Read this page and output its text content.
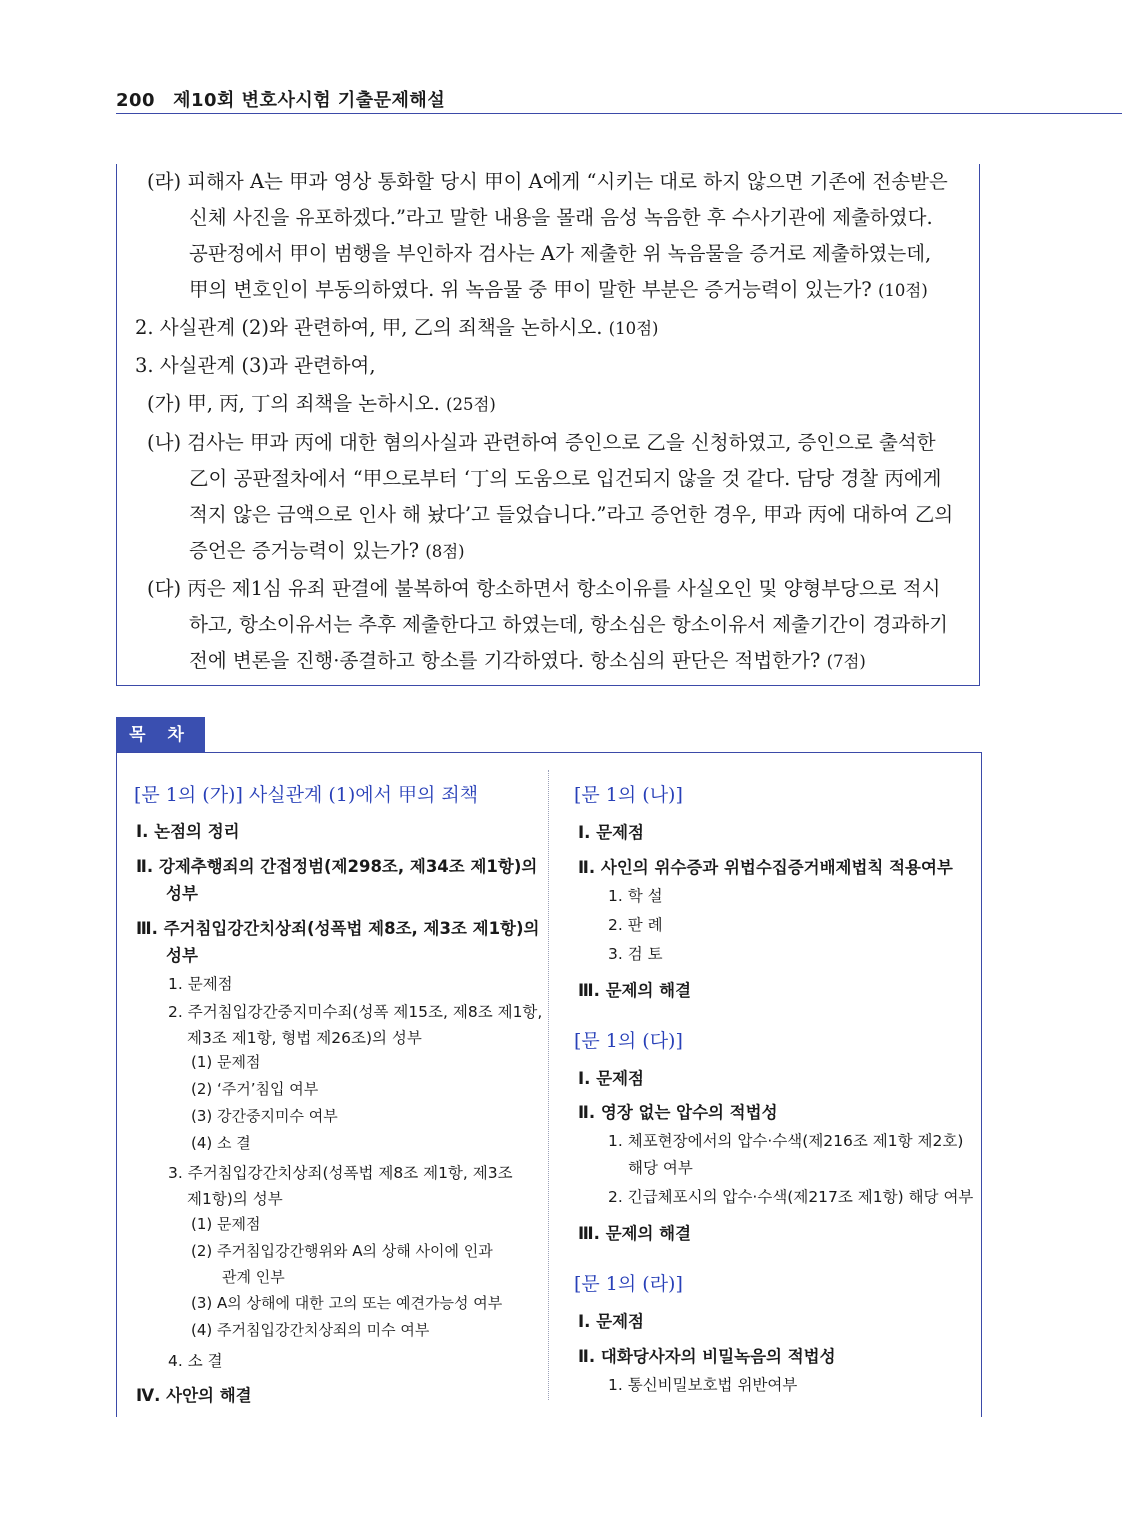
200 제10회 변호사시험 기출문제해설
(라) 피해자 A는 甲과 영상 통화할 당시 甲이 A에게 “시키는 대로 하지 않으면 기존에 전송받은
신체 사진을 유포하겠다.”라고 말한 내용을 몰래 음성 녹음한 후 수사기관에 제출하였다.
공판정에서 甲이 범행을 부인하자 검사는 A가 제출한 위 녹음물을 증거로 제출하였는데,
甲의 변호인이 부동의하였다. 위 녹음물 중 甲이 말한 부분은 증거능력이 있는가? (10점)
2. 사실관계 (2)와 관련하여, 甲, 乙의 죄책을 논하시오. (10점)
3. 사실관계 (3)과 관련하여,
(가) 甲, 丙, 丁의 죄책을 논하시오. (25점)
(나) 검사는 甲과 丙에 대한 혐의사실과 관련하여 증인으로 乙을 신청하였고, 증인으로 출석한
乙이 공판절차에서 “甲으로부터 ‘丁의 도움으로 입건되지 않을 것 같다. 담당 경찰 丙에게
적지 않은 금액으로 인사 해 놨다’고 들었습니다.”라고 증언한 경우, 甲과 丙에 대하여 乙의
증언은 증거능력이 있는가? (8점)
(다) 丙은 제1심 유죄 판결에 불복하여 항소하면서 항소이유를 사실오인 및 양형부당으로 적시
하고, 항소이유서는 추후 제출한다고 하였는데, 항소심은 항소이유서 제출기간이 경과하기
전에 변론을 진행·종결하고 항소를 기각하였다. 항소심의 판단은 적법한가? (7점)
목 차
[문 1의 (가)] 사실관계 (1)에서 甲의 죄책
Ⅰ. 논점의 정리
Ⅱ. 강제추행죄의 간접정범(제298조, 제34조 제1항)의
성부
Ⅲ. 주거침입강간치상죄(성폭법 제8조, 제3조 제1항)의
성부
1. 문제점
2. 주거침입강간중지미수죄(성폭 제15조, 제8조 제1항,
제3조 제1항, 형법 제26조)의 성부
(1) 문제점
(2) ‘주거’침입 여부
(3) 강간중지미수 여부
(4) 소 결
3. 주거침입강간치상죄(성폭법 제8조 제1항, 제3조
제1항)의 성부
(1) 문제점
(2) 주거침입강간행위와 A의 상해 사이에 인과
관계 인부
(3) A의 상해에 대한 고의 또는 예견가능성 여부
(4) 주거침입강간치상죄의 미수 여부
4. 소 결
Ⅳ. 사안의 해결
[문 1의 (나)]
Ⅰ. 문제점
Ⅱ. 사인의 위수증과 위법수집증거배제법칙 적용여부
1. 학 설
2. 판 례
3. 검 토
Ⅲ. 문제의 해결
[문 1의 (다)]
Ⅰ. 문제점
Ⅱ. 영장 없는 압수의 적법성
1. 체포현장에서의 압수·수색(제216조 제1항 제2호)
해당 여부
2. 긴급체포시의 압수·수색(제217조 제1항) 해당 여부
Ⅲ. 문제의 해결
[문 1의 (라)]
Ⅰ. 문제점
Ⅱ. 대화당사자의 비밀녹음의 적법성
1. 통신비밀보호법 위반여부
